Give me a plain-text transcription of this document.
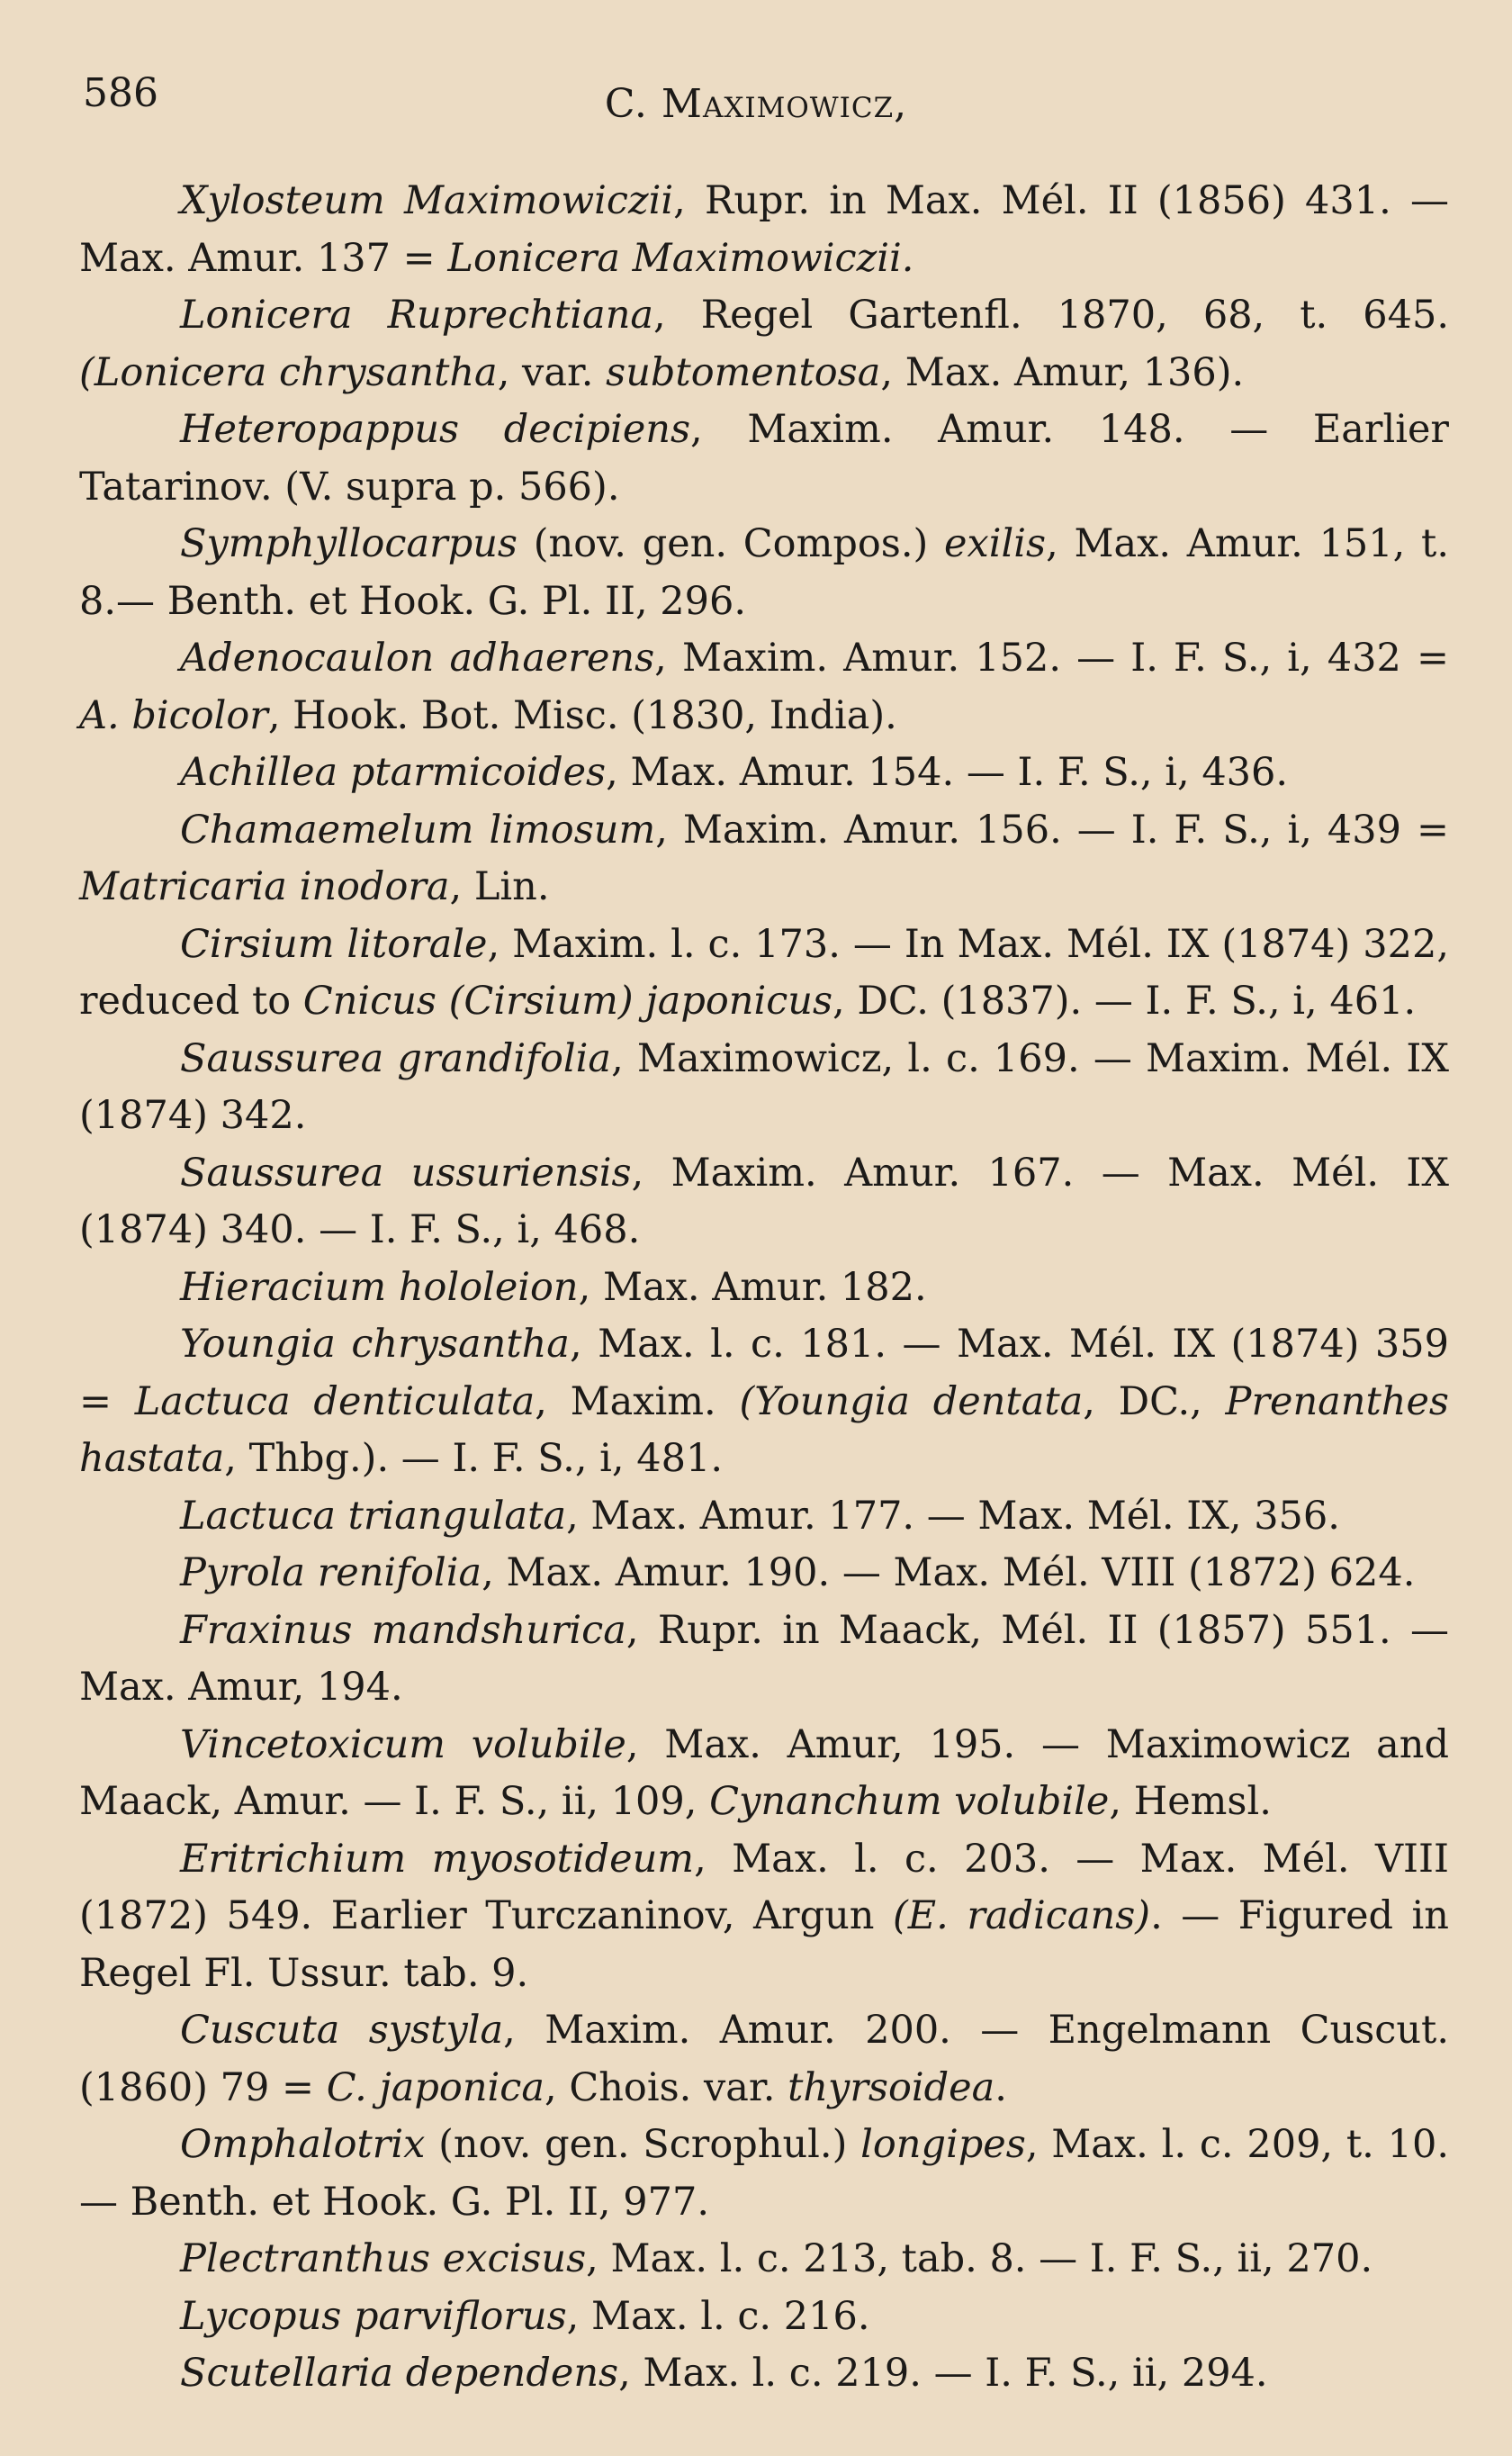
586	C. Maximowicz,

Xylosteum Maximowiczii, Rupr. in Max. Mél. II (1856) 431. — Max. Amur. 137 = Lonicera Maximowiczii.

Lonicera Ruprechtiana, Regel Gartenfl. 1870, 68, t. 645. (Lonicera chrysantha, var. subtomentosa, Max. Amur, 136).

Heteropappus decipiens, Maxim. Amur. 148. — Earlier Tatarinov. (V. supra p. 566).

Symphyllocarpus (nov. gen. Compos.) exilis, Max. Amur. 151, t. 8.— Benth. et Hook. G. Pl. II, 296.

Adenocaulon adhaerens, Maxim. Amur. 152. — I. F. S., i, 432 = A. bicolor, Hook. Bot. Misc. (1830, India).

Achillea ptarmicoides, Max. Amur. 154. — I. F. S., i, 436.

Chamaemelum limosum, Maxim. Amur. 156. — I. F. S., i, 439 = Matricaria inodora, Lin.

Cirsium litorale, Maxim. l. c. 173. — In Max. Mél. IX (1874) 322, reduced to Cnicus (Cirsium) japonicus, DC. (1837). — I. F. S., i, 461.

Saussurea grandifolia, Maximowicz, l. c. 169. — Maxim. Mél. IX (1874) 342.

Saussurea ussuriensis, Maxim. Amur. 167. — Max. Mél. IX (1874) 340. — I. F. S., i, 468.

Hieracium hololeion, Max. Amur. 182.

Youngia chrysantha, Max. l. c. 181. — Max. Mél. IX (1874) 359 = Lactuca denticulata, Maxim. (Youngia dentata, DC., Prenanthes hastata, Thbg.). — I. F. S., i, 481.

Lactuca triangulata, Max. Amur. 177. — Max. Mél. IX, 356.

Pyrola renifolia, Max. Amur. 190. — Max. Mél. VIII (1872) 624.

Fraxinus mandshurica, Rupr. in Maack, Mél. II (1857) 551. — Max. Amur, 194.

Vincetoxicum volubile, Max. Amur, 195. — Maximowicz and Maack, Amur. — I. F. S., ii, 109, Cynanchum volubile, Hemsl.

Eritrichium myosotideum, Max. l. c. 203. — Max. Mél. VIII (1872) 549. Earlier Turczaninov, Argun (E. radicans). — Figured in Regel Fl. Ussur. tab. 9.

Cuscuta systyla, Maxim. Amur. 200. — Engelmann Cuscut. (1860) 79 = C. japonica, Chois. var. thyrsoidea.

Omphalotrix (nov. gen. Scrophul.) longipes, Max. l. c. 209, t. 10. — Benth. et Hook. G. Pl. II, 977.

Plectranthus excisus, Max. l. c. 213, tab. 8. — I. F. S., ii, 270.

Lycopus parviflorus, Max. l. c. 216.

Scutellaria dependens, Max. l. c. 219. — I. F. S., ii, 294.
